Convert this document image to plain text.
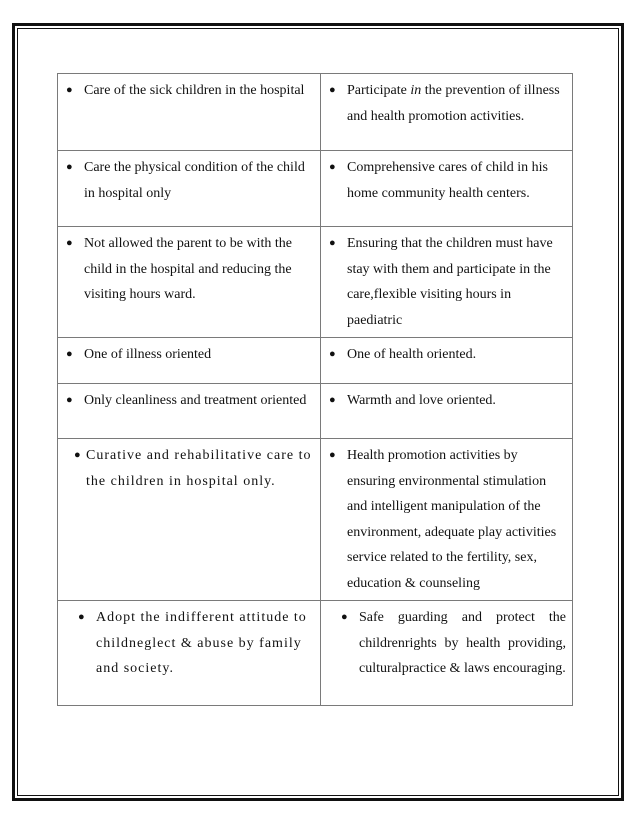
● Care of the sick children in the hospital	● Participate in the prevention of illness and health promotion activities.

● Care the physical condition of the child in hospital only	● Comprehensive cares of child in his home community health centers.

● Not allowed the parent to be with the child in the hospital and reducing the visiting hours ward.	● Ensuring that the children must have stay with them and participate in the care,flexible visiting hours in paediatric

● One of illness oriented	● One of health oriented.

● Only cleanliness and treatment oriented	● Warmth and love oriented.

● Curative and rehabilitative care to the children in hospital only.	● Health promotion activities by ensuring environmental stimulation and intelligent manipulation of the environment, adequate play activities service related to the fertility, sex, education & counseling

● Adopt the indifferent attitude to childneglect & abuse by family and society.	● Safe guarding and protect the childrenrights by health providing, culturalpractice & laws encouraging.
